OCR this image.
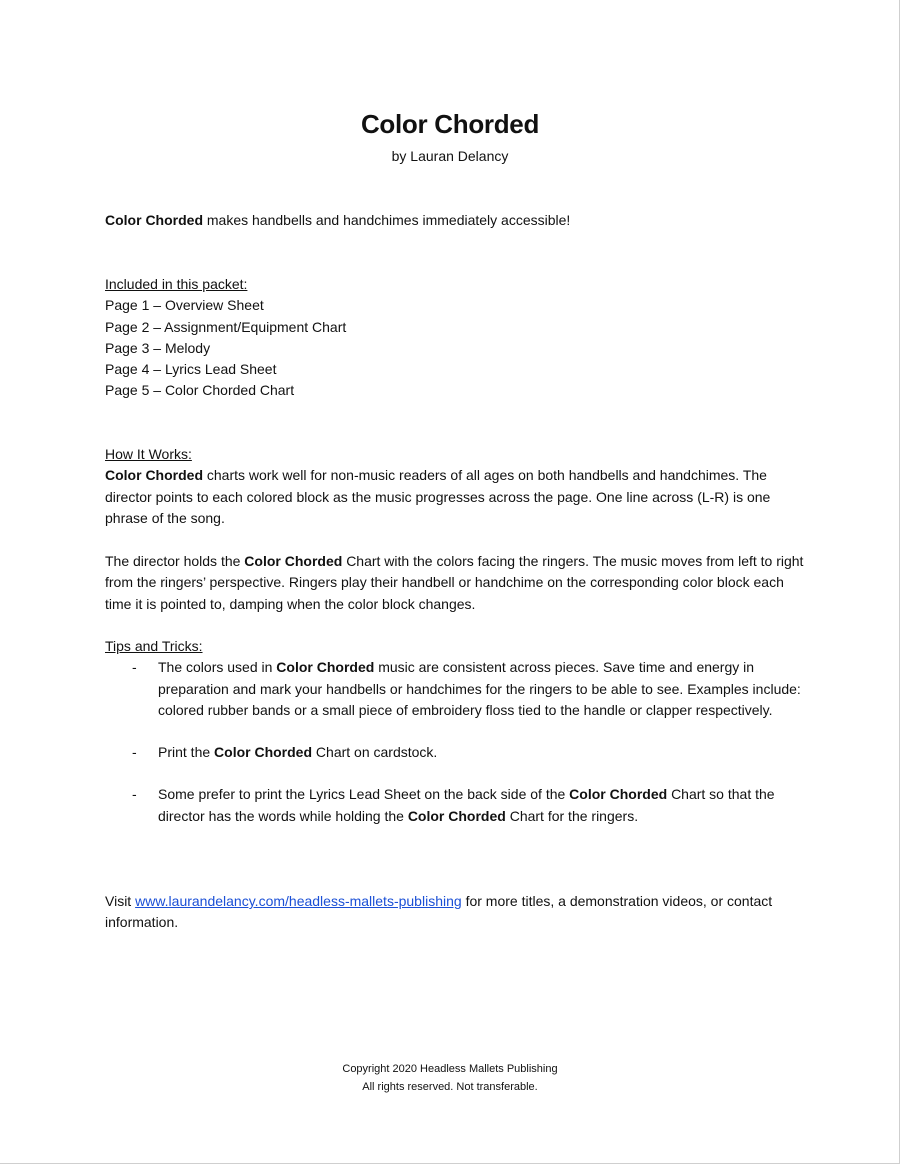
Color Chorded
by Lauran Delancy
Color Chorded makes handbells and handchimes immediately accessible!
Included in this packet:
Page 1 – Overview Sheet
Page 2 – Assignment/Equipment Chart
Page 3 – Melody
Page 4 – Lyrics Lead Sheet
Page 5 – Color Chorded Chart
How It Works:

Color Chorded charts work well for non-music readers of all ages on both handbells and handchimes. The director points to each colored block as the music progresses across the page. One line across (L-R) is one phrase of the song.

The director holds the Color Chorded Chart with the colors facing the ringers. The music moves from left to right from the ringers’ perspective. Ringers play their handbell or handchime on the corresponding color block each time it is pointed to, damping when the color block changes.
Tips and Tricks:
- The colors used in Color Chorded music are consistent across pieces. Save time and energy in preparation and mark your handbells or handchimes for the ringers to be able to see. Examples include: colored rubber bands or a small piece of embroidery floss tied to the handle or clapper respectively.
- Print the Color Chorded Chart on cardstock.
- Some prefer to print the Lyrics Lead Sheet on the back side of the Color Chorded Chart so that the director has the words while holding the Color Chorded Chart for the ringers.
Visit www.laurandelancy.com/headless-mallets-publishing for more titles, a demonstration videos, or contact information.
Copyright 2020 Headless Mallets Publishing
All rights reserved. Not transferable.
